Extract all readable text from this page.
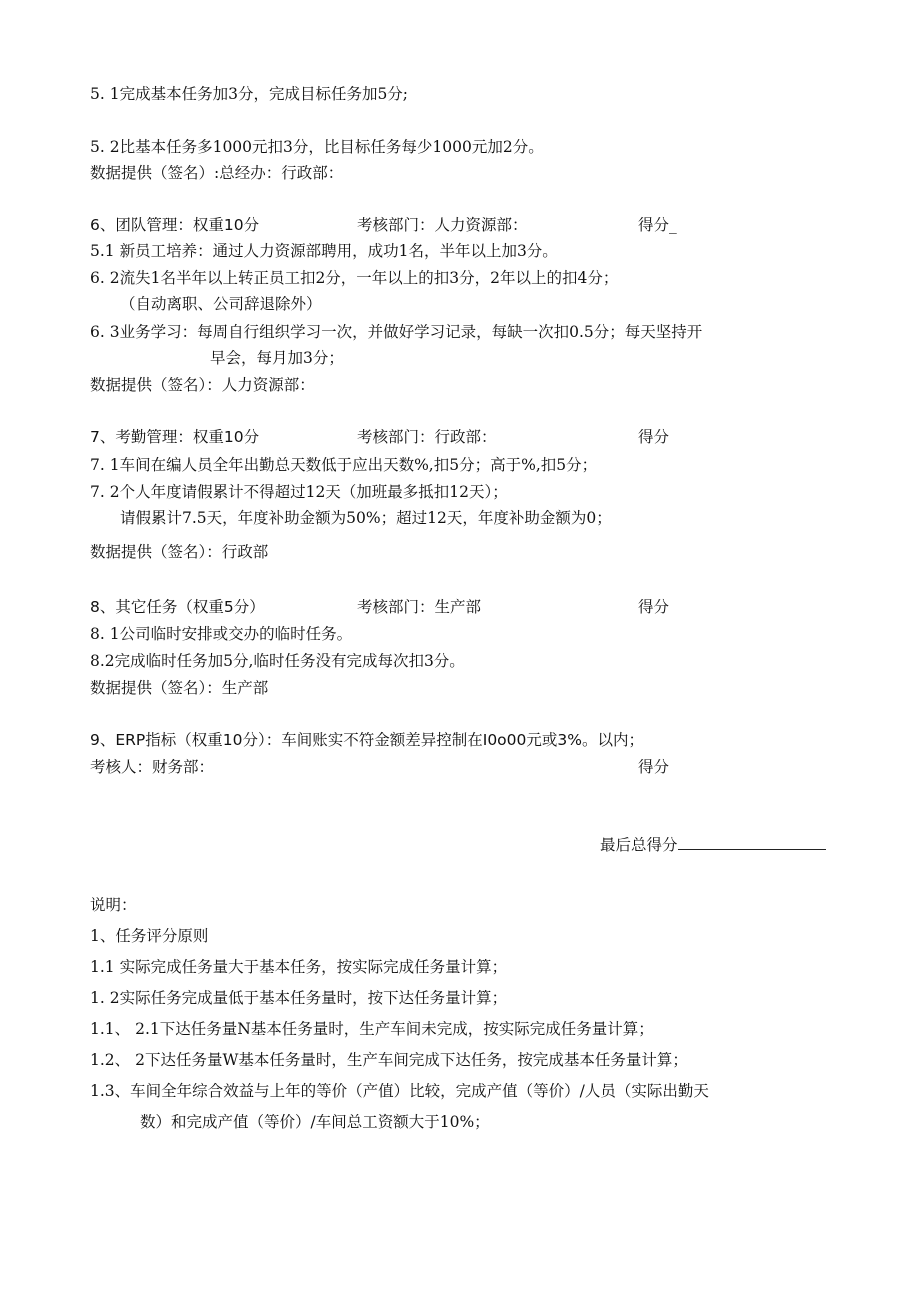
5. 1完成基本任务加3分，完成目标任务加5分;
5. 2比基本任务多1000元扣3分，比目标任务每少1000元加2分。
数据提供（签名）:总经办：行政部：
6、团队管理：权重10分	考核部门：人力资源部：	得分_
5.1 新员工培养：通过人力资源部聘用，成功1名，半年以上加3分。
6. 2流失1名半年以上转正员工扣2分，一年以上的扣3分，2年以上的扣4分；
（自动离职、公司辞退除外）
6. 3业务学习：每周自行组织学习一次，并做好学习记录，每缺一次扣0.5分；每天坚持开
早会，每月加3分；
数据提供（签名）：人力资源部：
7、考勤管理：权重10分	考核部门：行政部：	得分
7. 1车间在编人员全年出勤总天数低于应出天数%,扣5分；高于%,扣5分；
7. 2个人年度请假累计不得超过12天（加班最多抵扣12天）；
请假累计7.5天，年度补助金额为50%；超过12天，年度补助金额为0；
数据提供（签名）：行政部
8、其它任务（权重5分）	考核部门：生产部	得分
8. 1公司临时安排或交办的临时任务。
8.2完成临时任务加5分,临时任务没有完成每次扣3分。
数据提供（签名）：生产部
9、ERP指标（权重10分）：车间账实不符金额差异控制在I0o00元或3%。以内；
考核人：财务部：	得分
最后总得分
说明：
1、任务评分原则
1.1 实际完成任务量大于基本任务，按实际完成任务量计算；
1. 2实际任务完成量低于基本任务量时，按下达任务量计算；
1.1、 2.1下达任务量N基本任务量时，生产车间未完成，按实际完成任务量计算；
1.2、 2下达任务量W基本任务量时，生产车间完成下达任务，按完成基本任务量计算；
1.3、车间全年综合效益与上年的等价（产值）比较，完成产值（等价）/人员（实际出勤天
数）和完成产值（等价）/车间总工资额大于10%；
